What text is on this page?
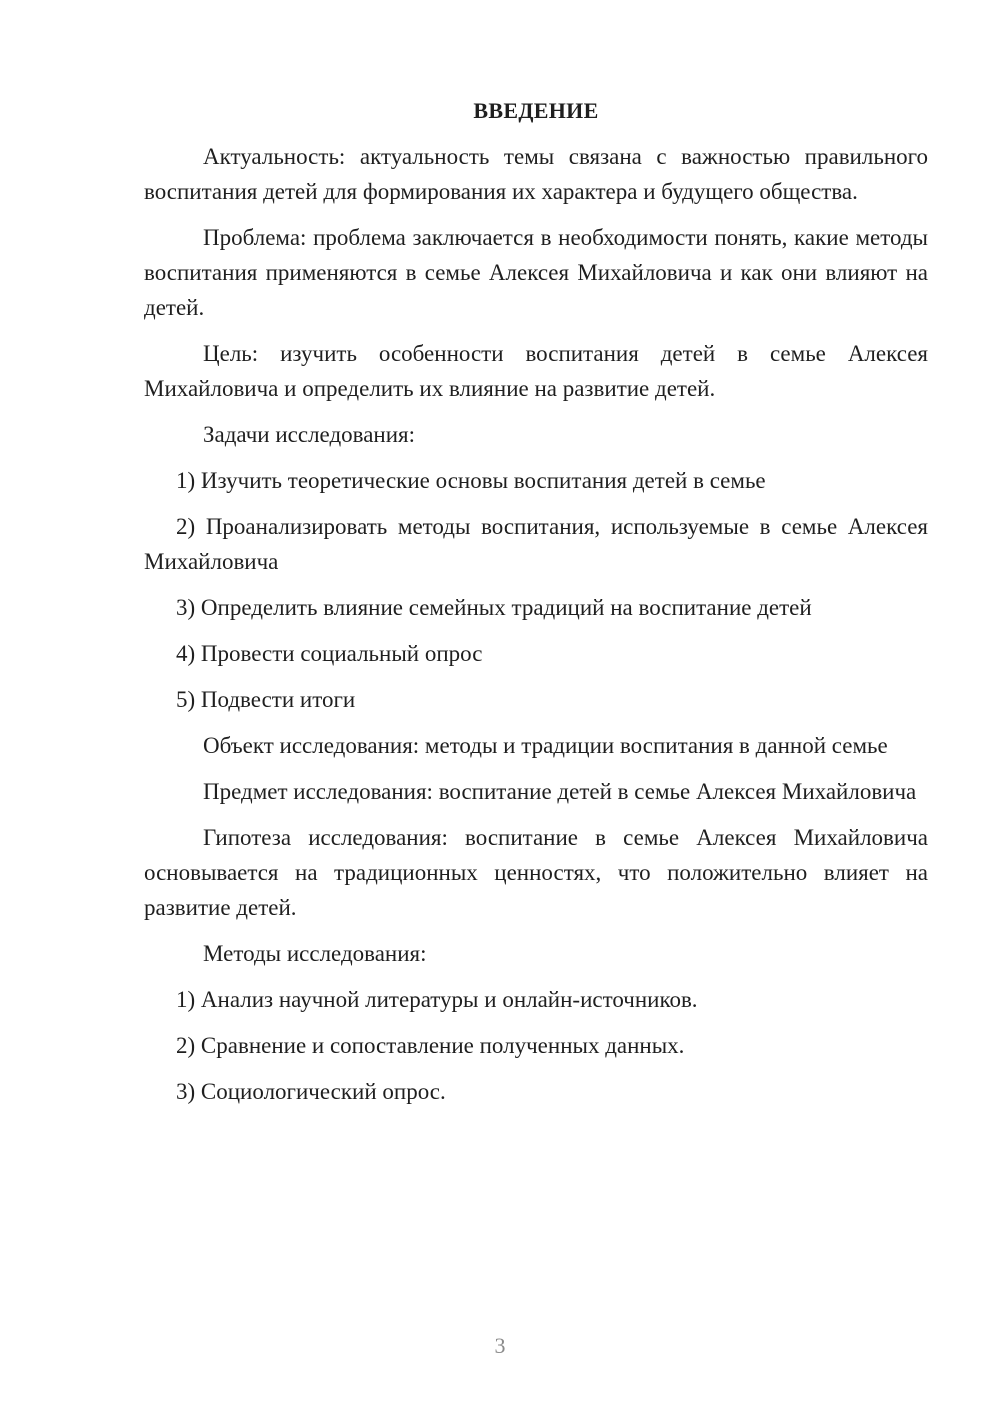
ВВЕДЕНИЕ

Актуальность: актуальность темы связана с важностью правильного воспитания детей для формирования их характера и будущего общества.

Проблема: проблема заключается в необходимости понять, какие методы воспитания применяются в семье Алексея Михайловича и как они влияют на детей.

Цель: изучить особенности воспитания детей в семье Алексея Михайловича и определить их влияние на развитие детей.

Задачи исследования:

1) Изучить теоретические основы воспитания детей в семье

2) Проанализировать методы воспитания, используемые в семье Алексея Михайловича

3) Определить влияние семейных традиций на воспитание детей

4) Провести социальный опрос

5) Подвести итоги

Объект исследования: методы и традиции воспитания в данной семье

Предмет исследования: воспитание детей в семье Алексея Михайловича

Гипотеза исследования: воспитание в семье Алексея Михайловича основывается на традиционных ценностях, что положительно влияет на развитие детей.

Методы исследования:

1) Анализ научной литературы и онлайн-источников.

2) Сравнение и сопоставление полученных данных.

3) Социологический опрос.

3
